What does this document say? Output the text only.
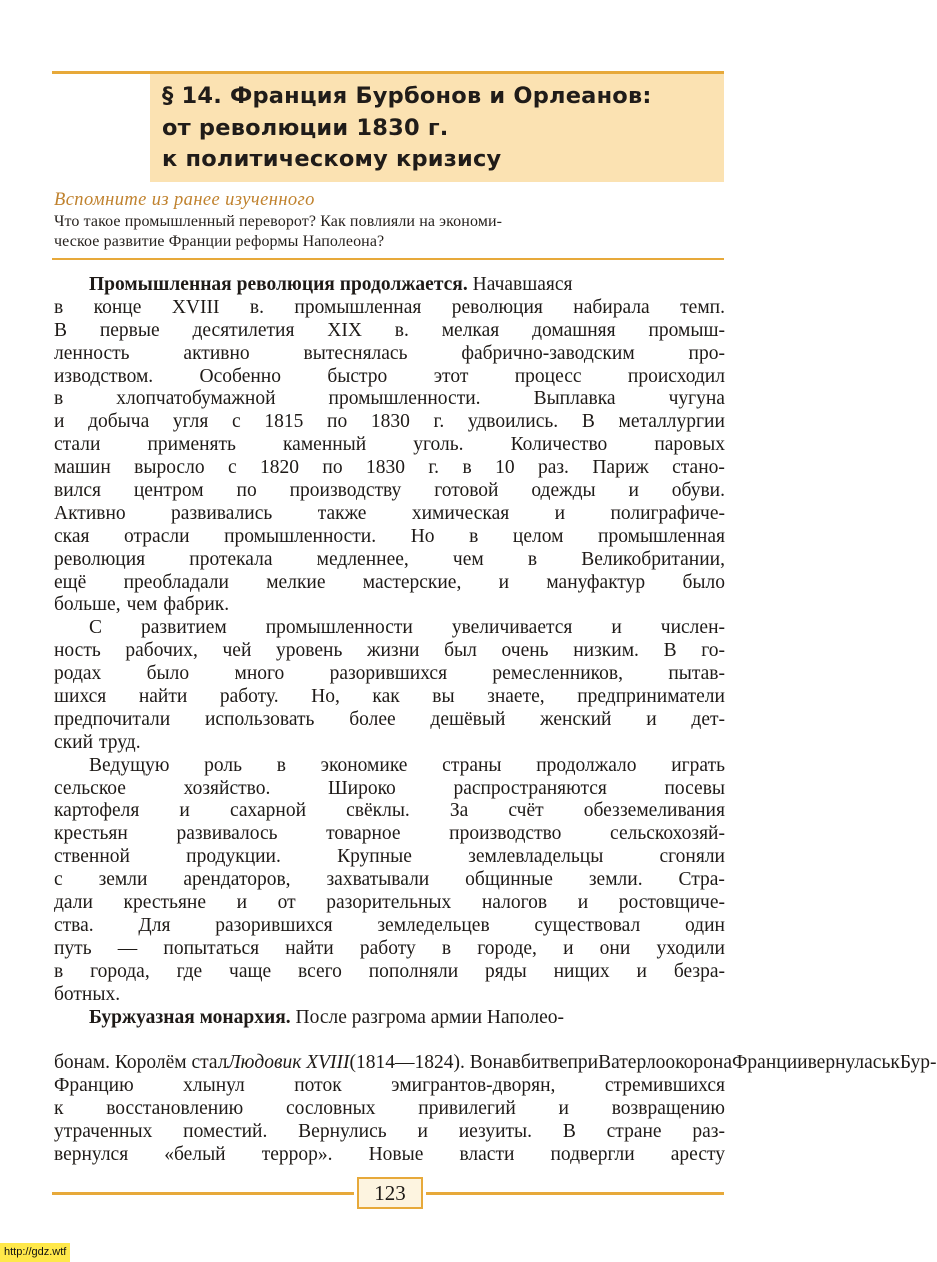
§ 14. Франция Бурбонов и Орлеанов:
от революции 1830 г.
к политическому кризису
Вспомните из ранее изученного
Что такое промышленный переворот? Как повлияли на экономи-
ческое развитие Франции реформы Наполеона?
Промышленная революция продолжается. Начавшаяся
в конце XVIII в. промышленная революция набирала темп.
В первые десятилетия XIX в. мелкая домашняя промыш-
ленность	активно	вытеснялась	фабрично-заводским	про-
изводством. Особенно быстро этот процесс происходил
в	хлопчатобумажной	промышленности.	Выплавка	чугуна
и добыча угля с 1815 по 1830 г. удвоились. В металлургии
стали применять каменный уголь. Количество паровых
машин выросло с 1820 по 1830 г. в 10 раз. Париж стано-
вился центром по производству готовой одежды и обуви.
Активно развивались также химическая и полиграфиче-
ская отрасли промышленности. Но в целом промышленная
революция протекала медленнее, чем в Великобритании,
ещё преобладали мелкие мастерские, и мануфактур было
больше, чем фабрик.
С развитием промышленности увеличивается и числен-
ность рабочих, чей уровень жизни был очень низким. В го-
родах было много разорившихся ремесленников, пытав-
шихся найти работу. Но, как вы знаете, предприниматели
предпочитали использовать более дешёвый женский и дет-
ский труд.
Ведущую роль в экономике страны продолжало играть
сельское	хозяйство.	Широко	распространяются	посевы
картофеля и сахарной свёклы. За счёт обезземеливания
крестьян развивалось товарное производство сельскохозяй-
ственной	продукции.	Крупные	землевладельцы	сгоняли
с земли арендаторов, захватывали общинные земли. Стра-
дали крестьяне и от разорительных налогов и ростовщиче-
ства. Для разорившихся земледельцев существовал один
путь — попытаться найти работу в городе, и они уходили
в города, где чаще всего пополняли ряды нищих и безра-
ботных.
Буржуазная монархия. После разгрома армии Наполео-
бонам. Королём стал Людовик XVIII (1814—1824). Во на в битве при Ватерлоо корона Франции вернулась к Бур-
Францию	хлынул	поток	эмигрантов-дворян,	стремившихся
к восстановлению сословных привилегий и возвращению
утраченных поместий. Вернулись и иезуиты. В стране раз-
вернулся «белый террор». Новые власти подвергли аресту
123
http://gdz.wtf
